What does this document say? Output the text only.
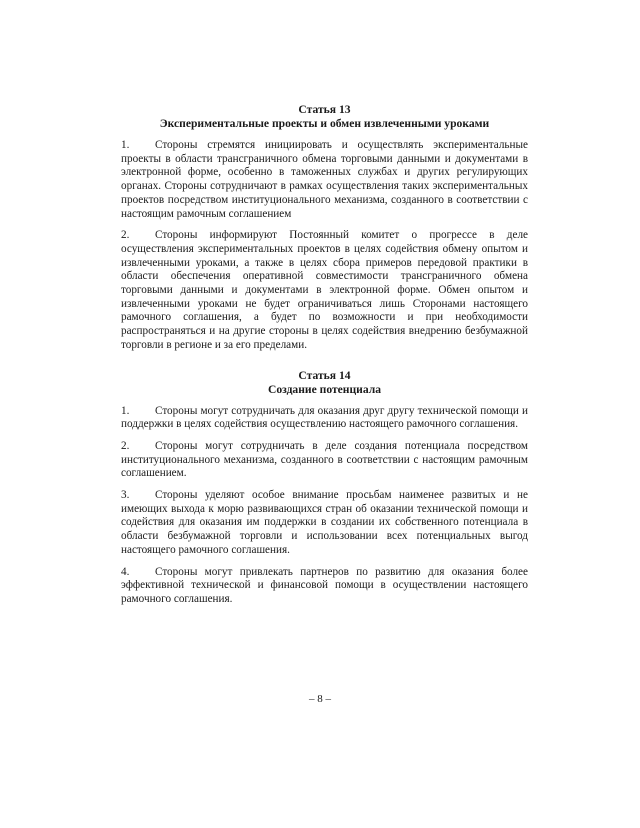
Статья 13

Экспериментальные проекты и обмен извлеченными уроками

1. Стороны стремятся инициировать и осуществлять экспериментальные проекты в области трансграничного обмена торговыми данными и документами в электронной форме, особенно в таможенных службах и других регулирующих органах. Стороны сотрудничают в рамках осуществления таких экспериментальных проектов посредством институционального механизма, созданного в соответствии с настоящим рамочным соглашением

2. Стороны информируют Постоянный комитет о прогрессе в деле осуществления экспериментальных проектов в целях содействия обмену опытом и извлеченными уроками, а также в целях сбора примеров передовой практики в области обеспечения оперативной совместимости трансграничного обмена торговыми данными и документами в электронной форме. Обмен опытом и извлеченными уроками не будет ограничиваться лишь Сторонами настоящего рамочного соглашения, а будет по возможности и при необходимости распространяться и на другие стороны в целях содействия внедрению безбумажной торговли в регионе и за его пределами.

Статья 14

Создание потенциала

1. Стороны могут сотрудничать для оказания друг другу технической помощи и поддержки в целях содействия осуществлению настоящего рамочного соглашения.

2. Стороны могут сотрудничать в деле создания потенциала посредством институционального механизма, созданного в соответствии с настоящим рамочным соглашением.

3. Стороны уделяют особое внимание просьбам наименее развитых и не имеющих выхода к морю развивающихся стран об оказании технической помощи и содействия для оказания им поддержки в создании их собственного потенциала в области безбумажной торговли и использовании всех потенциальных выгод настоящего рамочного соглашения.

4. Стороны могут привлекать партнеров по развитию для оказания более эффективной технической и финансовой помощи в осуществлении настоящего рамочного соглашения.

– 8 –
